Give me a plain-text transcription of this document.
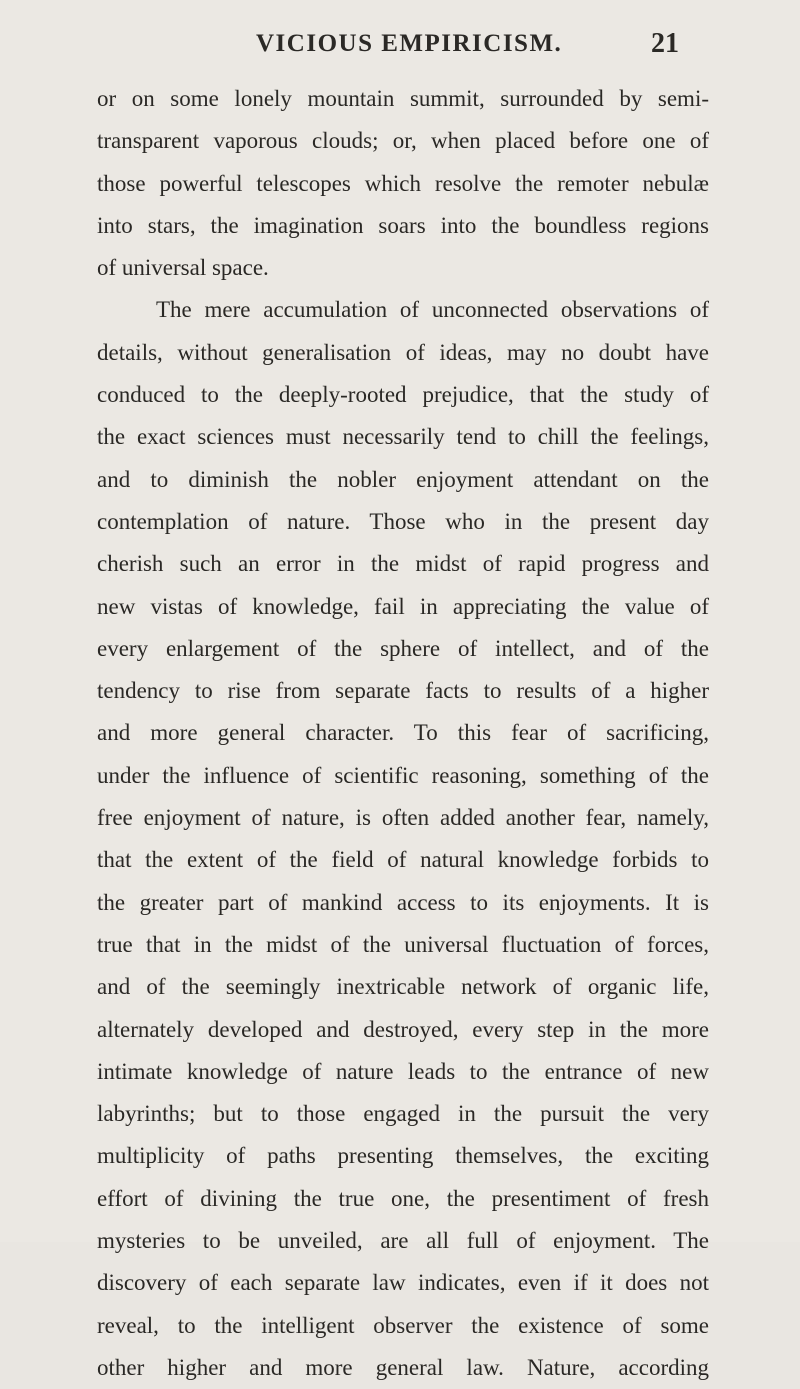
VICIOUS EMPIRICISM.	21
or on some lonely mountain summit, surrounded by semi-
transparent vaporous clouds; or, when placed before one of
those powerful telescopes which resolve the remoter nebulæ
into stars, the imagination soars into the boundless regions
of universal space.
The mere accumulation of unconnected observations of
details, without generalisation of ideas, may no doubt have
conduced to the deeply-rooted prejudice, that the study of
the exact sciences must necessarily tend to chill the feelings,
and to diminish the nobler enjoyment attendant on the
contemplation of nature. Those who in the present day
cherish such an error in the midst of rapid progress and
new vistas of knowledge, fail in appreciating the value of
every enlargement of the sphere of intellect, and of the
tendency to rise from separate facts to results of a higher
and more general character. To this fear of sacrificing,
under the influence of scientific reasoning, something of the
free enjoyment of nature, is often added another fear, namely,
that the extent of the field of natural knowledge forbids to
the greater part of mankind access to its enjoyments. It is
true that in the midst of the universal fluctuation of forces,
and of the seemingly inextricable network of organic life,
alternately developed and destroyed, every step in the more
intimate knowledge of nature leads to the entrance of new
labyrinths; but to those engaged in the pursuit the very
multiplicity of paths presenting themselves, the exciting
effort of divining the true one, the presentiment of fresh
mysteries to be unveiled, are all full of enjoyment. The
discovery of each separate law indicates, even if it does not
reveal, to the intelligent observer the existence of some
other higher and more general law. Nature, according
